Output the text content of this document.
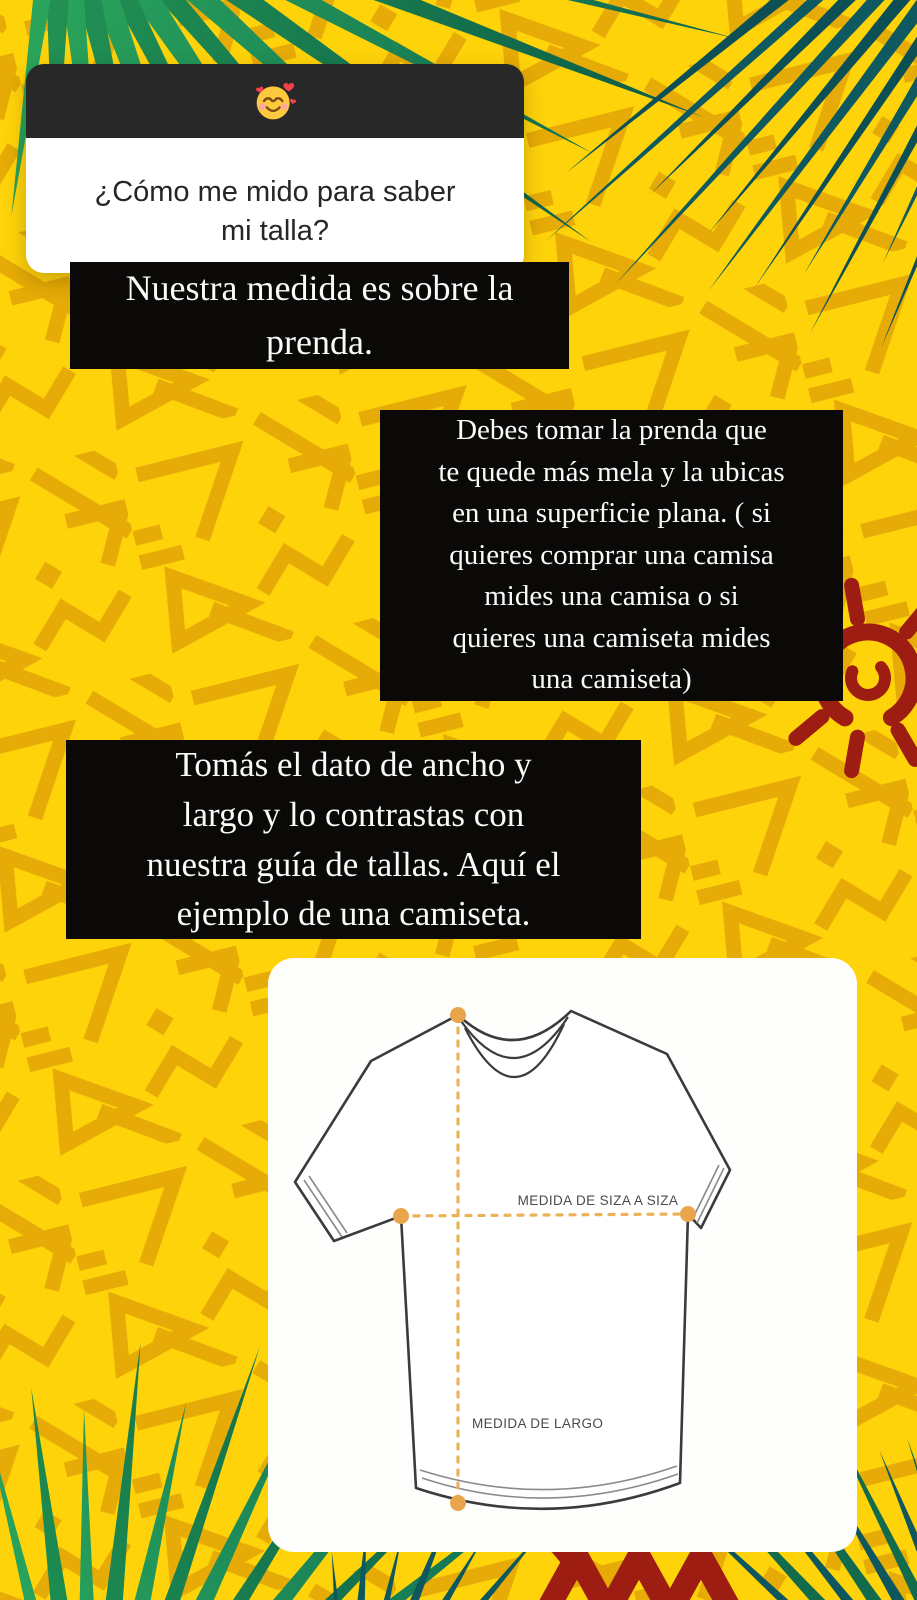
¿Cómo me mido para saber
mi talla?
Nuestra medida es sobre la
prenda.
Debes tomar la prenda que
te quede más mela y la ubicas
en una superficie plana. ( si
quieres comprar una camisa
mides una camisa o si
quieres una camiseta mides
una camiseta)
Tomás el dato de ancho y
largo y lo contrastas con
nuestra guía de tallas. Aquí el
ejemplo de una camiseta.
MEDIDA DE SIZA A SIZA
MEDIDA DE LARGO
